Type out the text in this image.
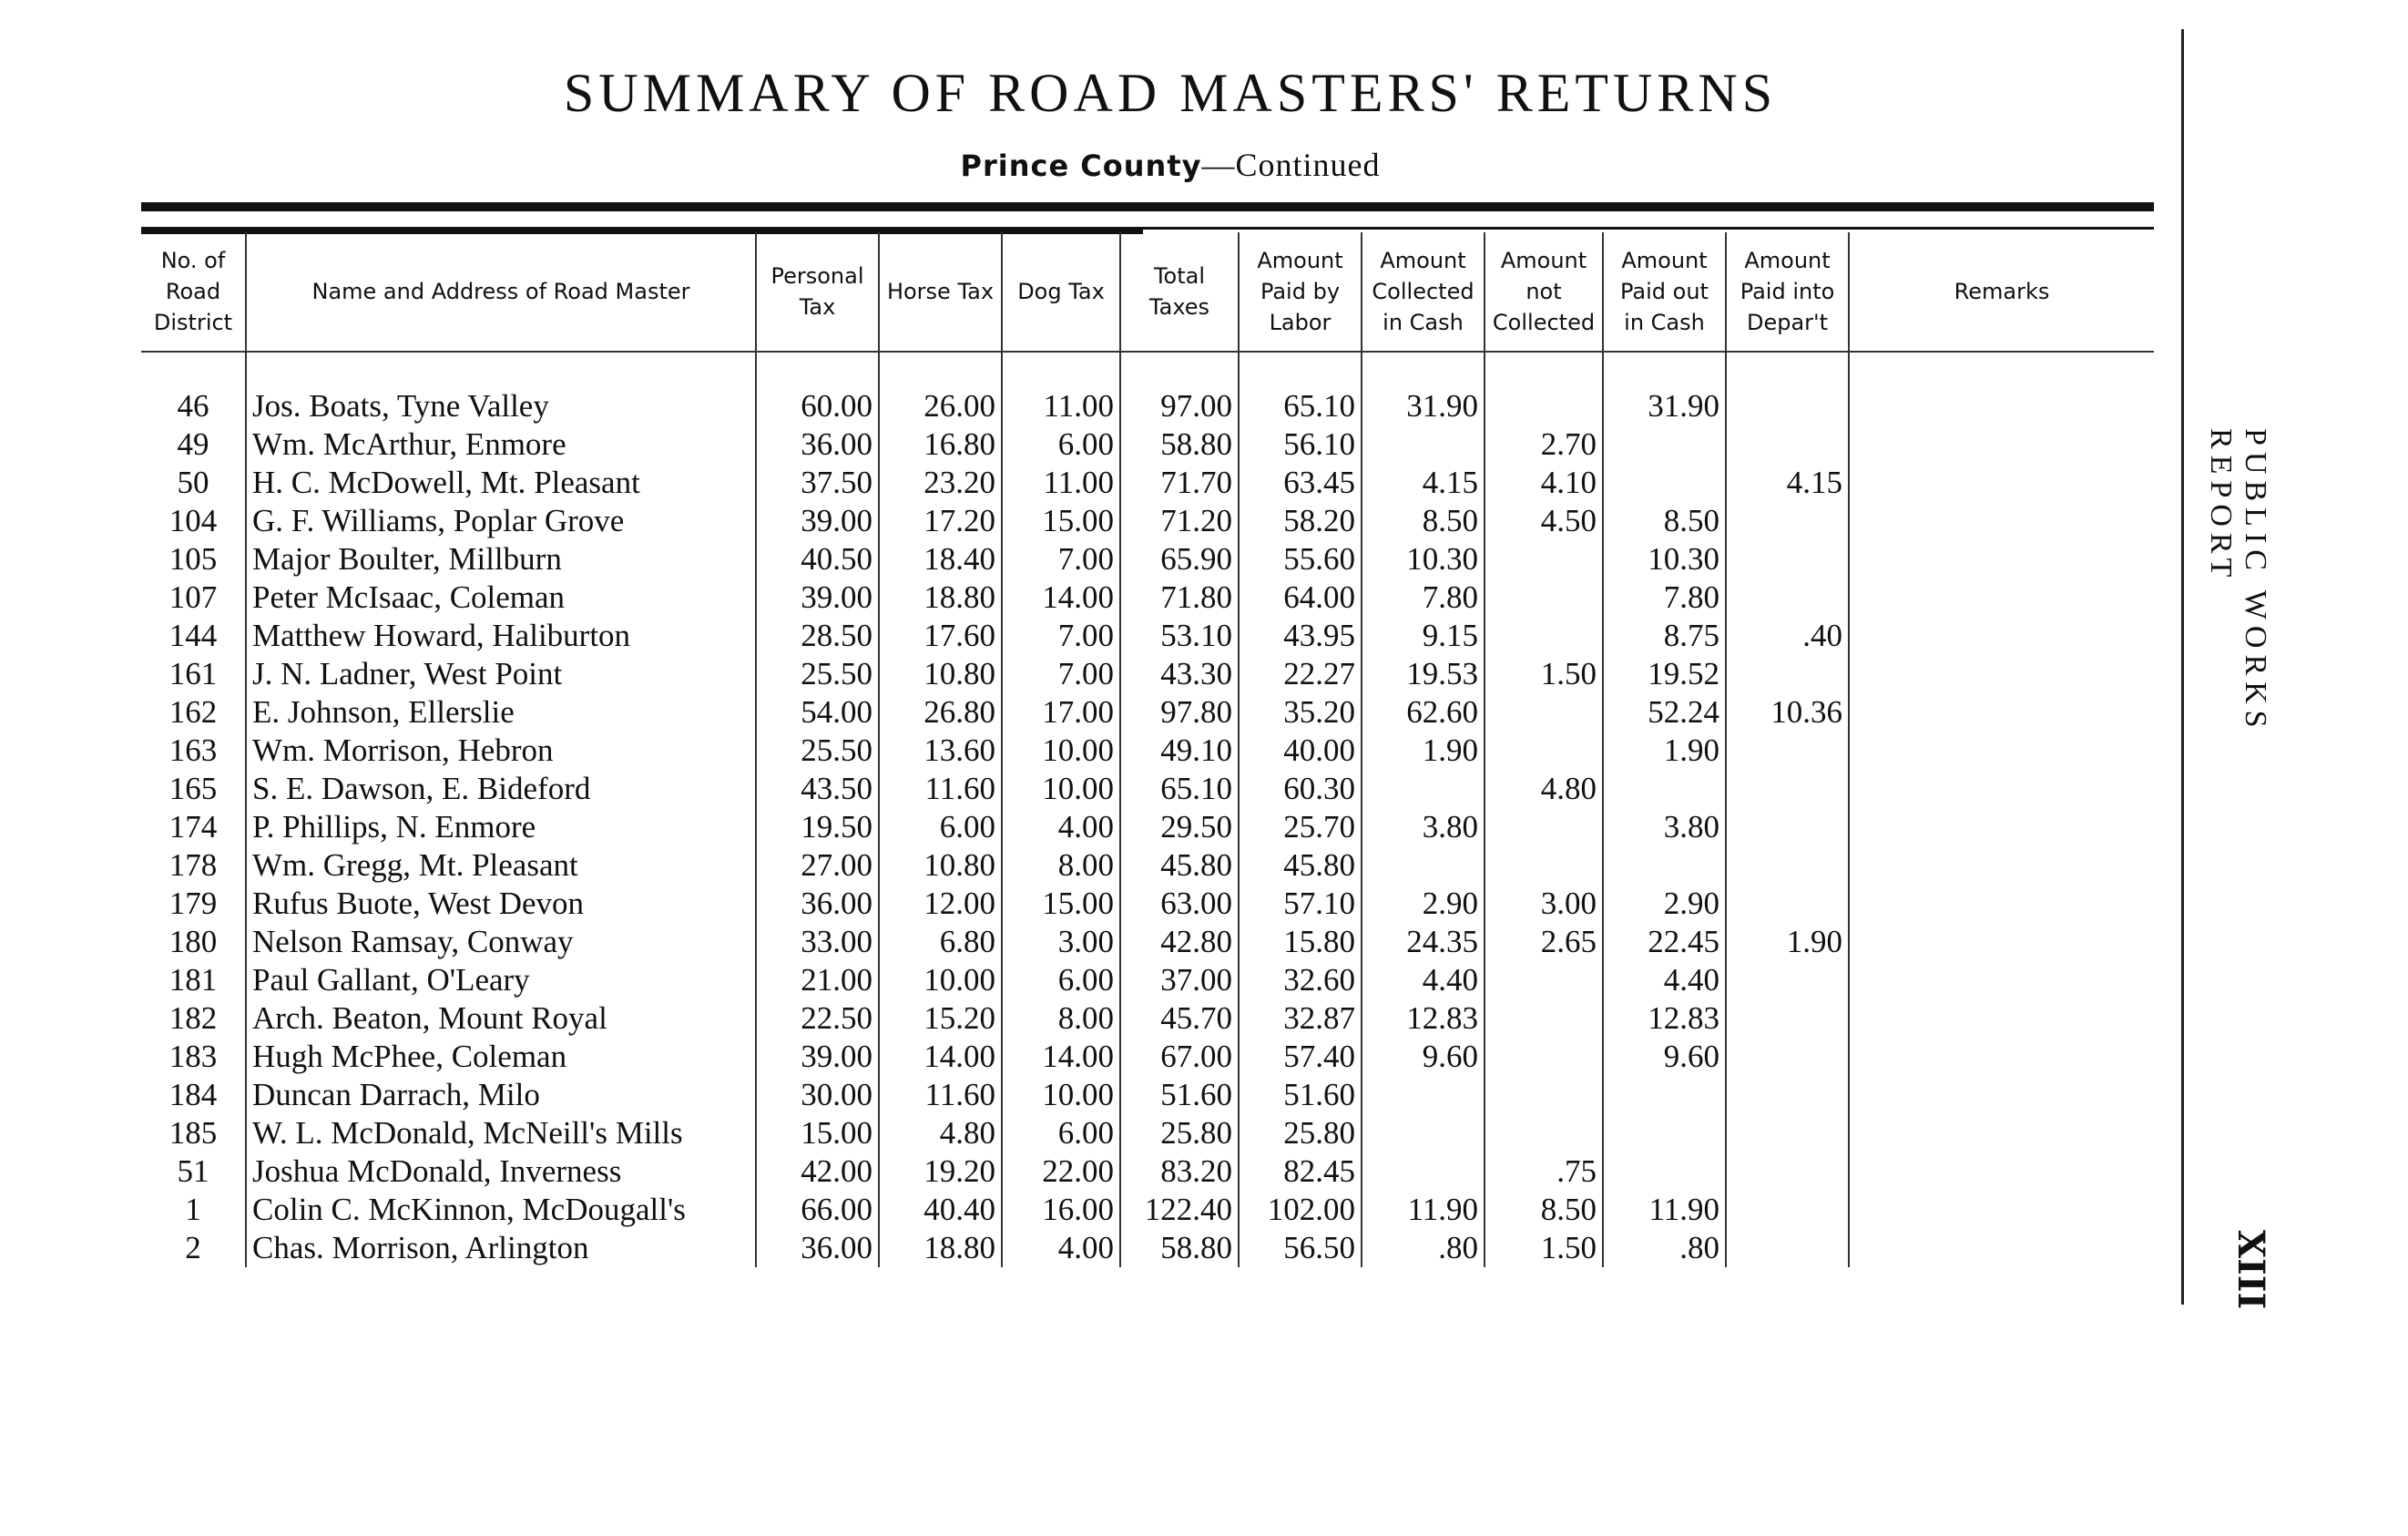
SUMMARY OF ROAD MASTERS' RETURNS
Prince County—Continued
PUBLIC WORKS REPORT
XIII
No. of Road District	Name and Address of Road Master	Personal Tax	Horse Tax	Dog Tax	Total Taxes	Amount Paid by Labor	Amount Collected in Cash	Amount not Collected	Amount Paid out in Cash	Amount Paid into Depar't	Remarks
46	Jos. Boats, Tyne Valley	60.00	26.00	11.00	97.00	65.10	31.90		31.90		
49	Wm. McArthur, Enmore	36.00	16.80	6.00	58.80	56.10		2.70			
50	H. C. McDowell, Mt. Pleasant	37.50	23.20	11.00	71.70	63.45	4.15	4.10		4.15	
104	G. F. Williams, Poplar Grove	39.00	17.20	15.00	71.20	58.20	8.50	4.50	8.50		
105	Major Boulter, Millburn	40.50	18.40	7.00	65.90	55.60	10.30		10.30		
107	Peter McIsaac, Coleman	39.00	18.80	14.00	71.80	64.00	7.80		7.80		
144	Matthew Howard, Haliburton	28.50	17.60	7.00	53.10	43.95	9.15		8.75	.40	
161	J. N. Ladner, West Point	25.50	10.80	7.00	43.30	22.27	19.53	1.50	19.52		
162	E. Johnson, Ellerslie	54.00	26.80	17.00	97.80	35.20	62.60		52.24	10.36	
163	Wm. Morrison, Hebron	25.50	13.60	10.00	49.10	40.00	1.90		1.90		
165	S. E. Dawson, E. Bideford	43.50	11.60	10.00	65.10	60.30		4.80			
174	P. Phillips, N. Enmore	19.50	6.00	4.00	29.50	25.70	3.80		3.80		
178	Wm. Gregg, Mt. Pleasant	27.00	10.80	8.00	45.80	45.80					
179	Rufus Buote, West Devon	36.00	12.00	15.00	63.00	57.10	2.90	3.00	2.90		
180	Nelson Ramsay, Conway	33.00	6.80	3.00	42.80	15.80	24.35	2.65	22.45	1.90	
181	Paul Gallant, O'Leary	21.00	10.00	6.00	37.00	32.60	4.40		4.40		
182	Arch. Beaton, Mount Royal	22.50	15.20	8.00	45.70	32.87	12.83		12.83		
183	Hugh McPhee, Coleman	39.00	14.00	14.00	67.00	57.40	9.60		9.60		
184	Duncan Darrach, Milo	30.00	11.60	10.00	51.60	51.60					
185	W. L. McDonald, McNeill's Mills	15.00	4.80	6.00	25.80	25.80					
51	Joshua McDonald, Inverness	42.00	19.20	22.00	83.20	82.45		.75			
1	Colin C. McKinnon, McDougall's	66.00	40.40	16.00	122.40	102.00	11.90	8.50	11.90		
2	Chas. Morrison, Arlington	36.00	18.80	4.00	58.80	56.50	.80	1.50	.80		
